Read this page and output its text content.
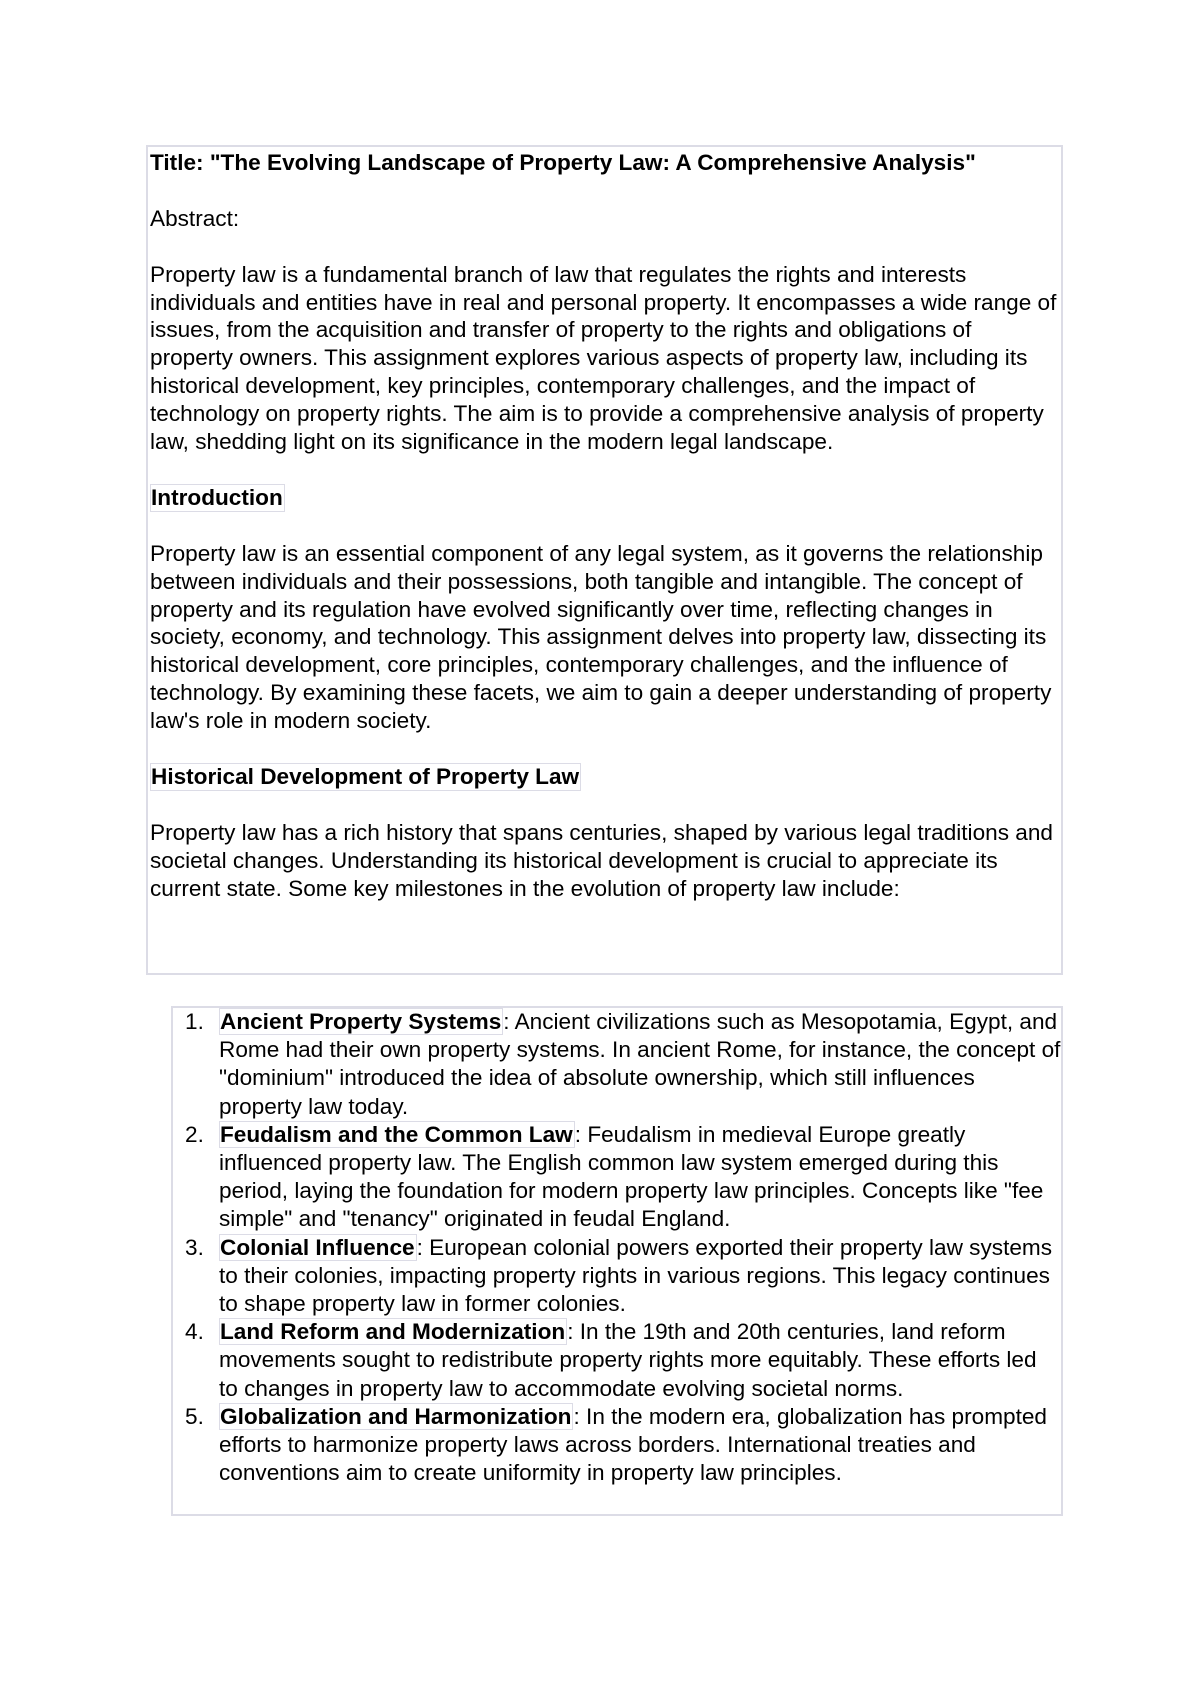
Title: "The Evolving Landscape of Property Law: A Comprehensive Analysis"

Abstract:

Property law is a fundamental branch of law that regulates the rights and interests individuals and entities have in real and personal property. It encompasses a wide range of issues, from the acquisition and transfer of property to the rights and obligations of property owners. This assignment explores various aspects of property law, including its historical development, key principles, contemporary challenges, and the impact of technology on property rights. The aim is to provide a comprehensive analysis of property law, shedding light on its significance in the modern legal landscape.

Introduction

Property law is an essential component of any legal system, as it governs the relationship between individuals and their possessions, both tangible and intangible. The concept of property and its regulation have evolved significantly over time, reflecting changes in society, economy, and technology. This assignment delves into property law, dissecting its historical development, core principles, contemporary challenges, and the influence of technology. By examining these facets, we aim to gain a deeper understanding of property law's role in modern society.

Historical Development of Property Law

Property law has a rich history that spans centuries, shaped by various legal traditions and societal changes. Understanding its historical development is crucial to appreciate its current state. Some key milestones in the evolution of property law include:

1. Ancient Property Systems: Ancient civilizations such as Mesopotamia, Egypt, and Rome had their own property systems. In ancient Rome, for instance, the concept of "dominium" introduced the idea of absolute ownership, which still influences property law today.
2. Feudalism and the Common Law: Feudalism in medieval Europe greatly influenced property law. The English common law system emerged during this period, laying the foundation for modern property law principles. Concepts like "fee simple" and "tenancy" originated in feudal England.
3. Colonial Influence: European colonial powers exported their property law systems to their colonies, impacting property rights in various regions. This legacy continues to shape property law in former colonies.
4. Land Reform and Modernization: In the 19th and 20th centuries, land reform movements sought to redistribute property rights more equitably. These efforts led to changes in property law to accommodate evolving societal norms.
5. Globalization and Harmonization: In the modern era, globalization has prompted efforts to harmonize property laws across borders. International treaties and conventions aim to create uniformity in property law principles.
